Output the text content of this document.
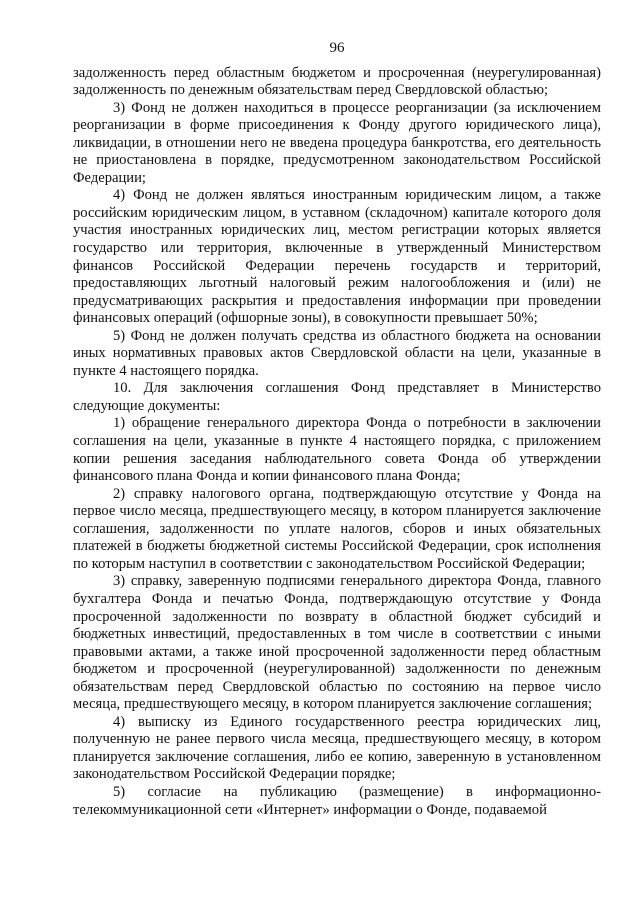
96

задолженность перед областным бюджетом и просроченная (неурегулированная) задолженность по денежным обязательствам перед Свердловской областью;

3) Фонд не должен находиться в процессе реорганизации (за исключением реорганизации в форме присоединения к Фонду другого юридического лица), ликвидации, в отношении него не введена процедура банкротства, его деятельность не приостановлена в порядке, предусмотренном законодательством Российской Федерации;

4) Фонд не должен являться иностранным юридическим лицом, а также российским юридическим лицом, в уставном (складочном) капитале которого доля участия иностранных юридических лиц, местом регистрации которых является государство или территория, включенные в утвержденный Министерством финансов Российской Федерации перечень государств и территорий, предоставляющих льготный налоговый режим налогообложения и (или) не предусматривающих раскрытия и предоставления информации при проведении финансовых операций (офшорные зоны), в совокупности превышает 50%;

5) Фонд не должен получать средства из областного бюджета на основании иных нормативных правовых актов Свердловской области на цели, указанные в пункте 4 настоящего порядка.

10. Для заключения соглашения Фонд представляет в Министерство следующие документы:

1) обращение генерального директора Фонда о потребности в заключении соглашения на цели, указанные в пункте 4 настоящего порядка, с приложением копии решения заседания наблюдательного совета Фонда об утверждении финансового плана Фонда и копии финансового плана Фонда;

2) справку налогового органа, подтверждающую отсутствие у Фонда на первое число месяца, предшествующего месяцу, в котором планируется заключение соглашения, задолженности по уплате налогов, сборов и иных обязательных платежей в бюджеты бюджетной системы Российской Федерации, срок исполнения по которым наступил в соответствии с законодательством Российской Федерации;

3) справку, заверенную подписями генерального директора Фонда, главного бухгалтера Фонда и печатью Фонда, подтверждающую отсутствие у Фонда просроченной задолженности по возврату в областной бюджет субсидий и бюджетных инвестиций, предоставленных в том числе в соответствии с иными правовыми актами, а также иной просроченной задолженности перед областным бюджетом и просроченной (неурегулированной) задолженности по денежным обязательствам перед Свердловской областью по состоянию на первое число месяца, предшествующего месяцу, в котором планируется заключение соглашения;

4) выписку из Единого государственного реестра юридических лиц, полученную не ранее первого числа месяца, предшествующего месяцу, в котором планируется заключение соглашения, либо ее копию, заверенную в установленном законодательством Российской Федерации порядке;

5) согласие на публикацию (размещение) в информационно-телекоммуникационной сети «Интернет» информации о Фонде, подаваемой
